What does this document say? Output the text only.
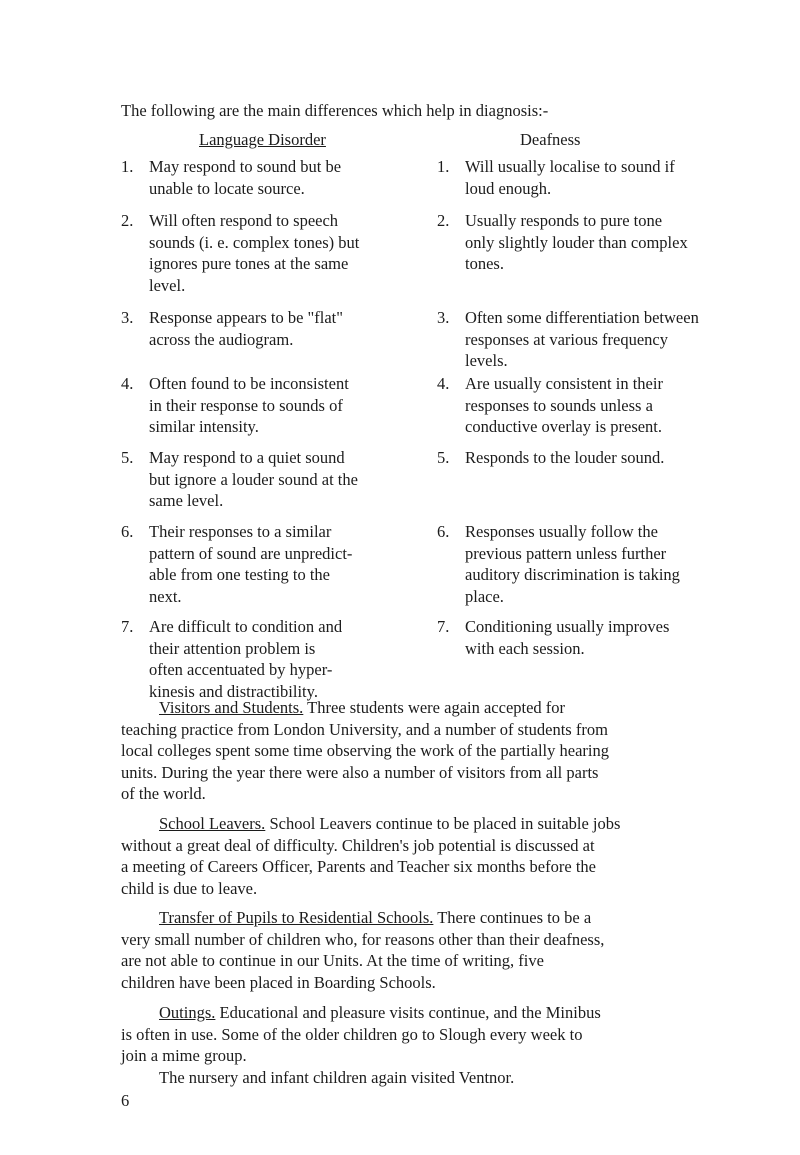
The following are the main differences which help in diagnosis:-
Language Disorder	Deafness
1. May respond to sound but be
unable to locate source.
2. Will often respond to speech
sounds (i. e. complex tones) but
ignores pure tones at the same
level.
3. Response appears to be "flat"
across the audiogram.
4. Often found to be inconsistent
in their response to sounds of
similar intensity.
5. May respond to a quiet sound
but ignore a louder sound at the
same level.
6. Their responses to a similar
pattern of sound are unpredict-
able from one testing to the
next.
7. Are difficult to condition and
their attention problem is
often accentuated by hyper-
kinesis and distractibility.
1. Will usually localise to sound if
loud enough.
2. Usually responds to pure tone
only slightly louder than complex
tones.
3. Often some differentiation between
responses at various frequency
levels.
4. Are usually consistent in their
responses to sounds unless a
conductive overlay is present.
5. Responds to the louder sound.
6. Responses usually follow the
previous pattern unless further
auditory discrimination is taking
place.
7. Conditioning usually improves
with each session.
Visitors and Students. Three students were again accepted for
teaching practice from London University, and a number of students from
local colleges spent some time observing the work of the partially hearing
units. During the year there were also a number of visitors from all parts
of the world.
School Leavers. School Leavers continue to be placed in suitable jobs
without a great deal of difficulty. Children's job potential is discussed at
a meeting of Careers Officer, Parents and Teacher six months before the
child is due to leave.
Transfer of Pupils to Residential Schools. There continues to be a
very small number of children who, for reasons other than their deafness,
are not able to continue in our Units. At the time of writing, five
children have been placed in Boarding Schools.
Outings. Educational and pleasure visits continue, and the Minibus
is often in use. Some of the older children go to Slough every week to
join a mime group.
The nursery and infant children again visited Ventnor.
6
